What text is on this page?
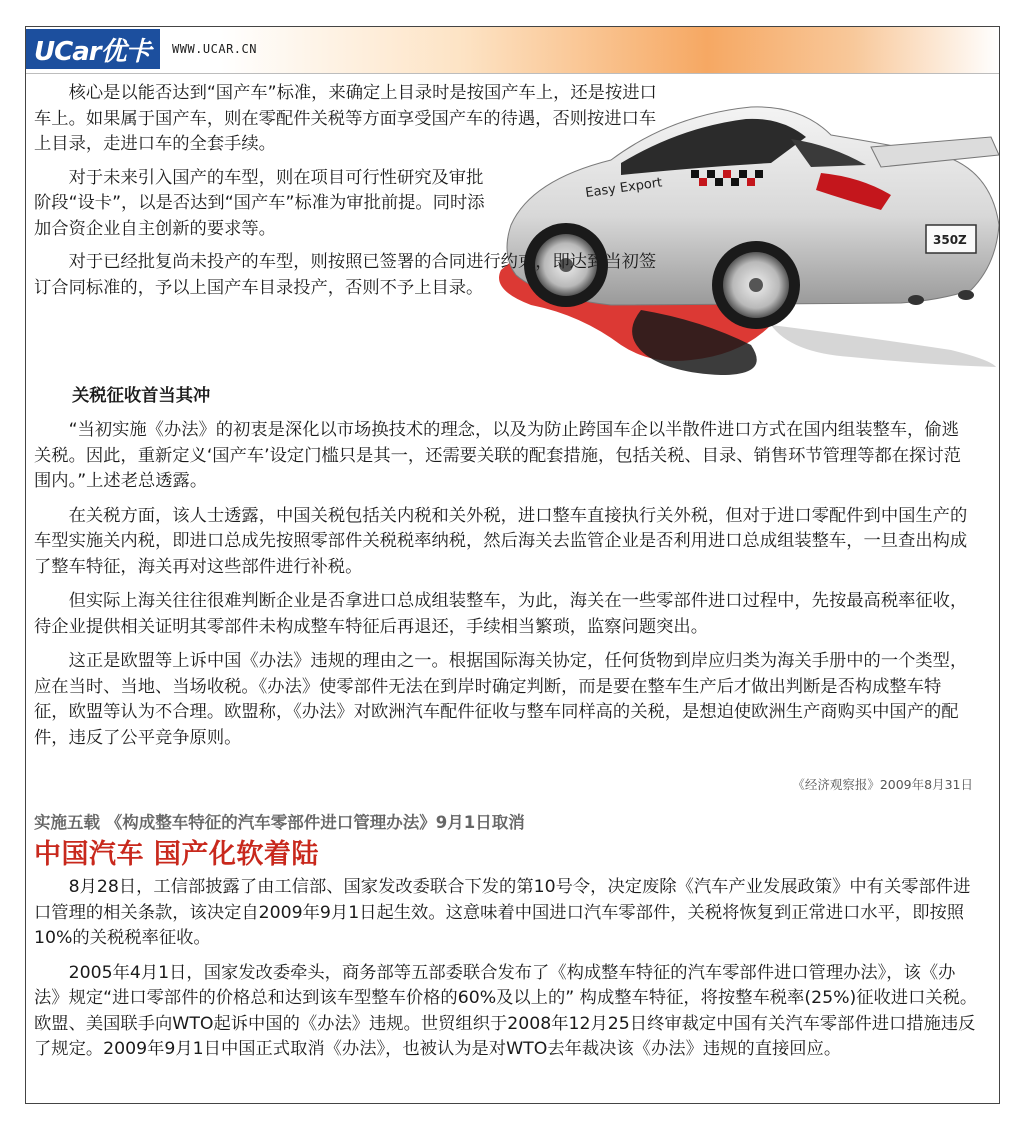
UCar优卡 WWW.UCAR.CN
Easy Export
350Z

核心是以能否达到“国产车”标准，来确定上目录时是按国产车上，还是按进口车上。如果属于国产车，则在零配件关税等方面享受国产车的待遇，否则按进口车上目录，走进口车的全套手续。

对于未来引入国产的车型，则在项目可行性研究及审批阶段“设卡”，以是否达到“国产车”标准为审批前提。同时添加合资企业自主创新的要求等。

对于已经批复尚未投产的车型，则按照已签署的合同进行约束，即达到当初签订合同标准的，予以上国产车目录投产，否则不予上目录。

关税征收首当其冲

“当初实施《办法》的初衷是深化以市场换技术的理念，以及为防止跨国车企以半散件进口方式在国内组装整车，偷逃关税。因此，重新定义‘国产车’设定门槛只是其一，还需要关联的配套措施，包括关税、目录、销售环节管理等都在探讨范围内。”上述老总透露。

在关税方面，该人士透露，中国关税包括关内税和关外税，进口整车直接执行关外税，但对于进口零配件到中国生产的车型实施关内税，即进口总成先按照零部件关税税率纳税，然后海关去监管企业是否利用进口总成组装整车，一旦查出构成了整车特征，海关再对这些部件进行补税。

但实际上海关往往很难判断企业是否拿进口总成组装整车，为此，海关在一些零部件进口过程中，先按最高税率征收，待企业提供相关证明其零部件未构成整车特征后再退还，手续相当繁琐，监察问题突出。

这正是欧盟等上诉中国《办法》违规的理由之一。根据国际海关协定，任何货物到岸应归类为海关手册中的一个类型，应在当时、当地、当场收税。《办法》使零部件无法在到岸时确定判断，而是要在整车生产后才做出判断是否构成整车特征，欧盟等认为不合理。欧盟称，《办法》对欧洲汽车配件征收与整车同样高的关税，是想迫使欧洲生产商购买中国产的配件，违反了公平竞争原则。

《经济观察报》2009年8月31日
实施五载 《构成整车特征的汽车零部件进口管理办法》9月1日取消
中国汽车 国产化软着陆

8月28日，工信部披露了由工信部、国家发改委联合下发的第10号令，决定废除《汽车产业发展政策》中有关零部件进口管理的相关条款，该决定自2009年9月1日起生效。这意味着中国进口汽车零部件，关税将恢复到正常进口水平，即按照10%的关税税率征收。

2005年4月1日，国家发改委牵头，商务部等五部委联合发布了《构成整车特征的汽车零部件进口管理办法》，该《办法》规定“进口零部件的价格总和达到该车型整车价格的60%及以上的” 构成整车特征，将按整车税率(25%)征收进口关税。欧盟、美国联手向WTO起诉中国的《办法》违规。世贸组织于2008年12月25日终审裁定中国有关汽车零部件进口措施违反了规定。2009年9月1日中国正式取消《办法》，也被认为是对WTO去年裁决该《办法》违规的直接回应。
